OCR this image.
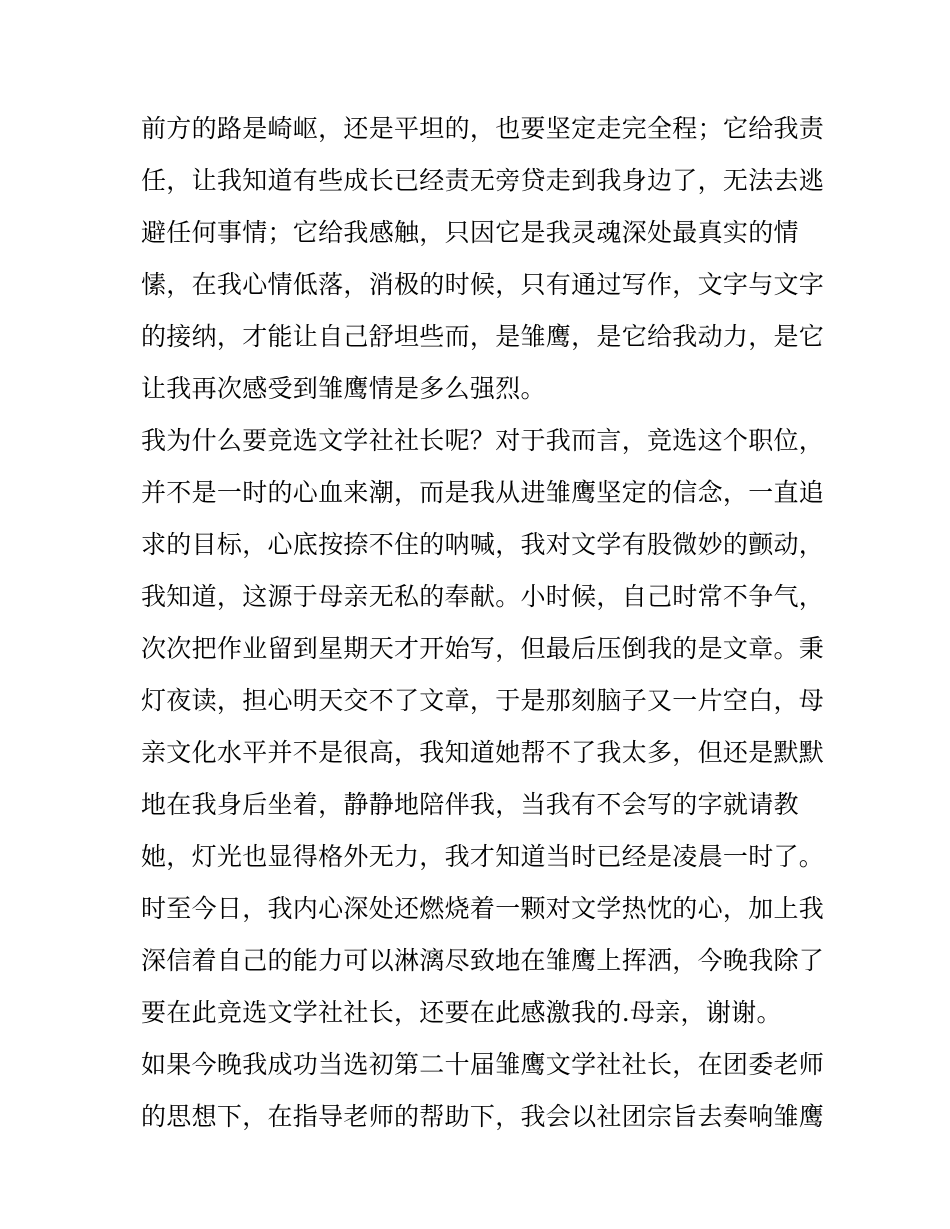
前方的路是崎岖，还是平坦的，也要坚定走完全程；它给我责
任，让我知道有些成长已经责无旁贷走到我身边了，无法去逃
避任何事情；它给我感触，只因它是我灵魂深处最真实的情
愫，在我心情低落，消极的时候，只有通过写作，文字与文字
的接纳，才能让自己舒坦些而，是雏鹰，是它给我动力，是它
让我再次感受到雏鹰情是多么强烈。
我为什么要竞选文学社社长呢？对于我而言，竞选这个职位，
并不是一时的心血来潮，而是我从进雏鹰坚定的信念，一直追
求的目标，心底按捺不住的呐喊，我对文学有股微妙的颤动，
我知道，这源于母亲无私的奉献。小时候，自己时常不争气，
次次把作业留到星期天才开始写，但最后压倒我的是文章。秉
灯夜读，担心明天交不了文章，于是那刻脑子又一片空白，母
亲文化水平并不是很高，我知道她帮不了我太多，但还是默默
地在我身后坐着，静静地陪伴我，当我有不会写的字就请教
她，灯光也显得格外无力，我才知道当时已经是凌晨一时了。
时至今日，我内心深处还燃烧着一颗对文学热忱的心，加上我
深信着自己的能力可以淋漓尽致地在雏鹰上挥洒，今晚我除了
要在此竞选文学社社长，还要在此感激我的.母亲，谢谢。
如果今晚我成功当选初第二十届雏鹰文学社社长，在团委老师
的思想下，在指导老师的帮助下，我会以社团宗旨去奏响雏鹰
